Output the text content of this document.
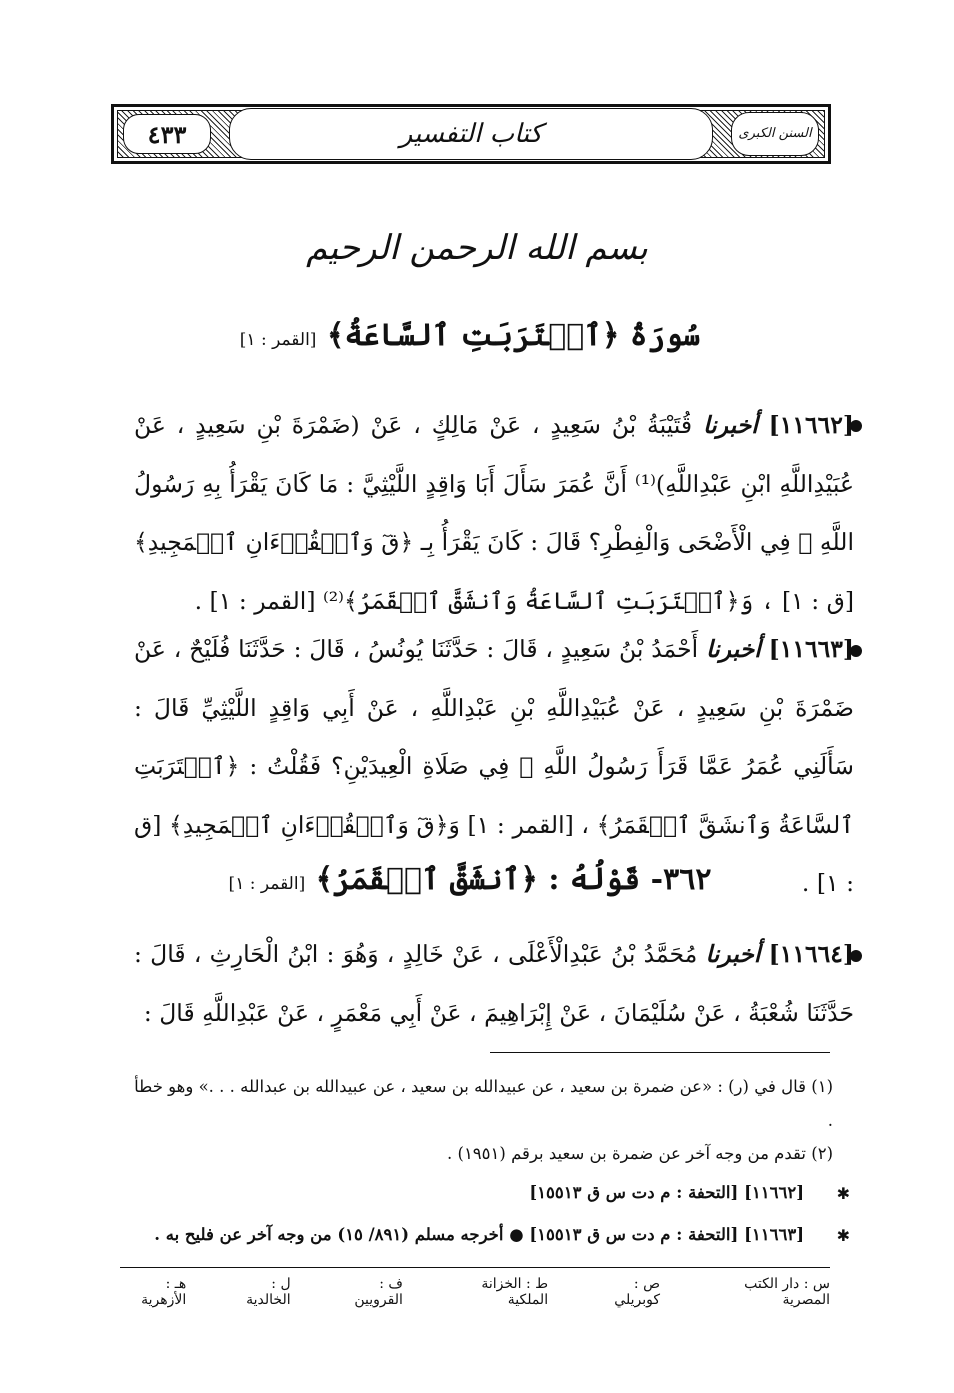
السنن الكبرى
كتاب التفسير
٤٣٣
بسم الله الرحمن الرحيم
سُورَةُ ﴿ٱقۡتَرَبَتِ ٱلسَّاعَةُ﴾ [القمر : ١]
[١١٦٦٢] أخبرنا قُتَيْبَةُ بْنُ سَعِيدٍ ، عَنْ مَالِكٍ ، عَنْ (ضَمْرَةَ بْنِ سَعِيدٍ ، عَنْ عُبَيْدِاللَّهِ ابْنِ عَبْدِاللَّهِ)⁽¹⁾ أَنَّ عُمَرَ سَأَلَ أَبَا وَاقِدٍ اللَّيْثِيَّ : مَا كَانَ يَقْرَأُ بِهِ رَسُولُ اللَّهِ ﷺ فِي الْأَضْحَى وَالْفِطْرِ؟ قَالَ : كَانَ يَقْرَأُ بِـ ﴿قٓ وَٱلۡقُرۡءَانِ ٱلۡمَجِيدِ﴾ [ق : ١] ، وَ﴿ٱقۡتَرَبَتِ ٱلسَّاعَةُ وَٱنشَقَّ ٱلۡقَمَرُ﴾⁽²⁾ [القمر : ١] .
[١١٦٦٣] أخبرنا أَحْمَدُ بْنُ سَعِيدٍ ، قَالَ : حَدَّثَنَا يُونُسُ ، قَالَ : حَدَّثَنَا فُلَيْحٌ ، عَنْ ضَمْرَةَ بْنِ سَعِيدٍ ، عَنْ عُبَيْدِاللَّهِ بْنِ عَبْدِاللَّهِ ، عَنْ أَبِي وَاقِدٍ اللَّيْثِيِّ قَالَ : سَأَلَنِي عُمَرُ عَمَّا قَرَأَ رَسُولُ اللَّهِ ﷺ فِي صَلَاةِ الْعِيدَيْنِ؟ فَقُلْتُ : ﴿ٱقۡتَرَبَتِ ٱلسَّاعَةُ وَٱنشَقَّ ٱلۡقَمَرُ﴾ ، [القمر : ١] وَ﴿قٓ وَٱلۡقُرۡءَانِ ٱلۡمَجِيدِ﴾ [ق : ١] .
٣٦٢- قَوْلُهُ : ﴿ٱنشَقَّ ٱلۡقَمَرُ﴾ [القمر : ١]
[١١٦٦٤] أخبرنا مُحَمَّدُ بْنُ عَبْدِالْأَعْلَى ، عَنْ خَالِدٍ ، وَهُوَ : ابْنُ الْحَارِثِ ، قَالَ : حَدَّثَنَا شُعْبَةُ ، عَنْ سُلَيْمَانَ ، عَنْ إِبْرَاهِيمَ ، عَنْ أَبِي مَعْمَرٍ ، عَنْ عَبْدِاللَّهِ قَالَ :
(١) قال في (ر) : «عن ضمرة بن سعيد ، عن عبيدالله بن سعيد ، عن عبيدالله بن عبدالله . . .» وهو خطأ .
(٢) تقدم من وجه آخر عن ضمرة بن سعيد برقم (١٩٥١) .
✱
[١١٦٦٢] [التحفة : م دت س ق ١٥٥١٣]
✱
[١١٦٦٣] [التحفة : م دت س ق ١٥٥١٣] ● أخرجه مسلم (٨٩١/ ١٥) من وجه آخر عن فليح به .
س : دار الكتب المصرية
ص : كوبريلي
ط : الخزانة الملكية
ف : القرويين
ل : الخالدية
هـ : الأزهرية
